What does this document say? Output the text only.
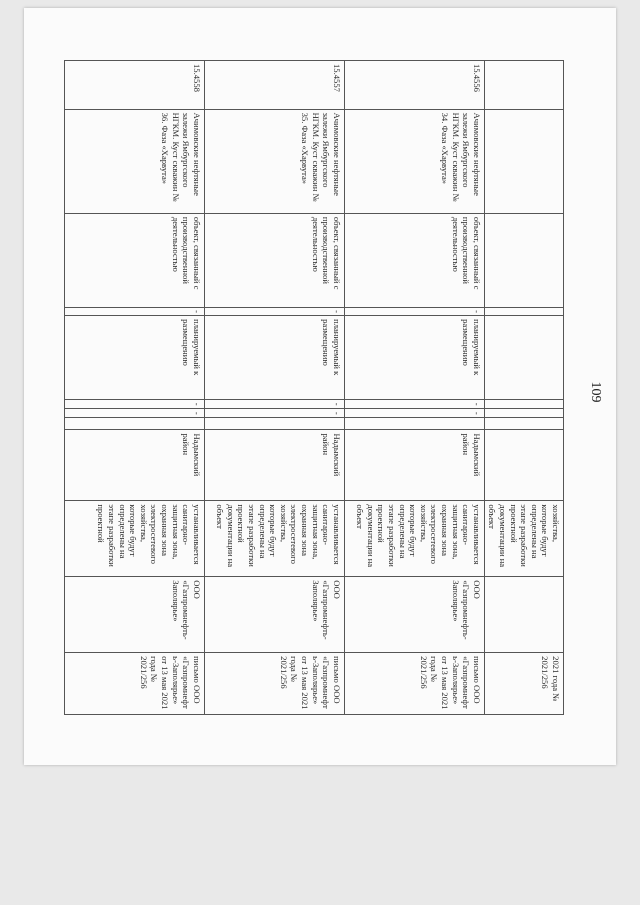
109
									хозяйства, которые будут определены на этапе разработки проектной документации на объект		2021 года № 2021/256
15.4556	Ачимовские нефтяные залежи Ямбургского НГКМ. Куст скважин № 34. Фаза «Харвута»	объект, связанный с производственной деятельностью	-	планируемый к размещению	-	-		Надымский район	устанавливается санитарно-защитная зона, охранная зона электросетевого хозяйства, которые будут определены на этапе разработки проектной документации на объект	ООО «Газпромнефть-Заполярье»	письмо ООО «Газпромнефть-Заполярье» от 13 мая 2021 года № 2021/256
15.4557	Ачимовские нефтяные залежи Ямбургского НГКМ. Куст скважин № 35. Фаза «Харвута»	объект, связанный с производственной деятельностью	-	планируемый к размещению	-	-		Надымский район	устанавливается санитарно-защитная зона, охранная зона электросетевого хозяйства, которые будут определены на этапе разработки проектной документации на объект	ООО «Газпромнефть-Заполярье»	письмо ООО «Газпромнефть-Заполярье» от 13 мая 2021 года № 2021/256
15.4558	Ачимовские нефтяные залежи Ямбургского НГКМ. Куст скважин № 36. Фаза «Харвута»	объект, связанный с производственной деятельностью	-	планируемый к размещению	-	-		Надымский район	устанавливается санитарно-защитная зона, охранная зона электросетевого хозяйства, которые будут определены на этапе разработки проектной	ООО «Газпромнефть-Заполярье»	письмо ООО «Газпромнефть-Заполярье» от 13 мая 2021 года № 2021/256
